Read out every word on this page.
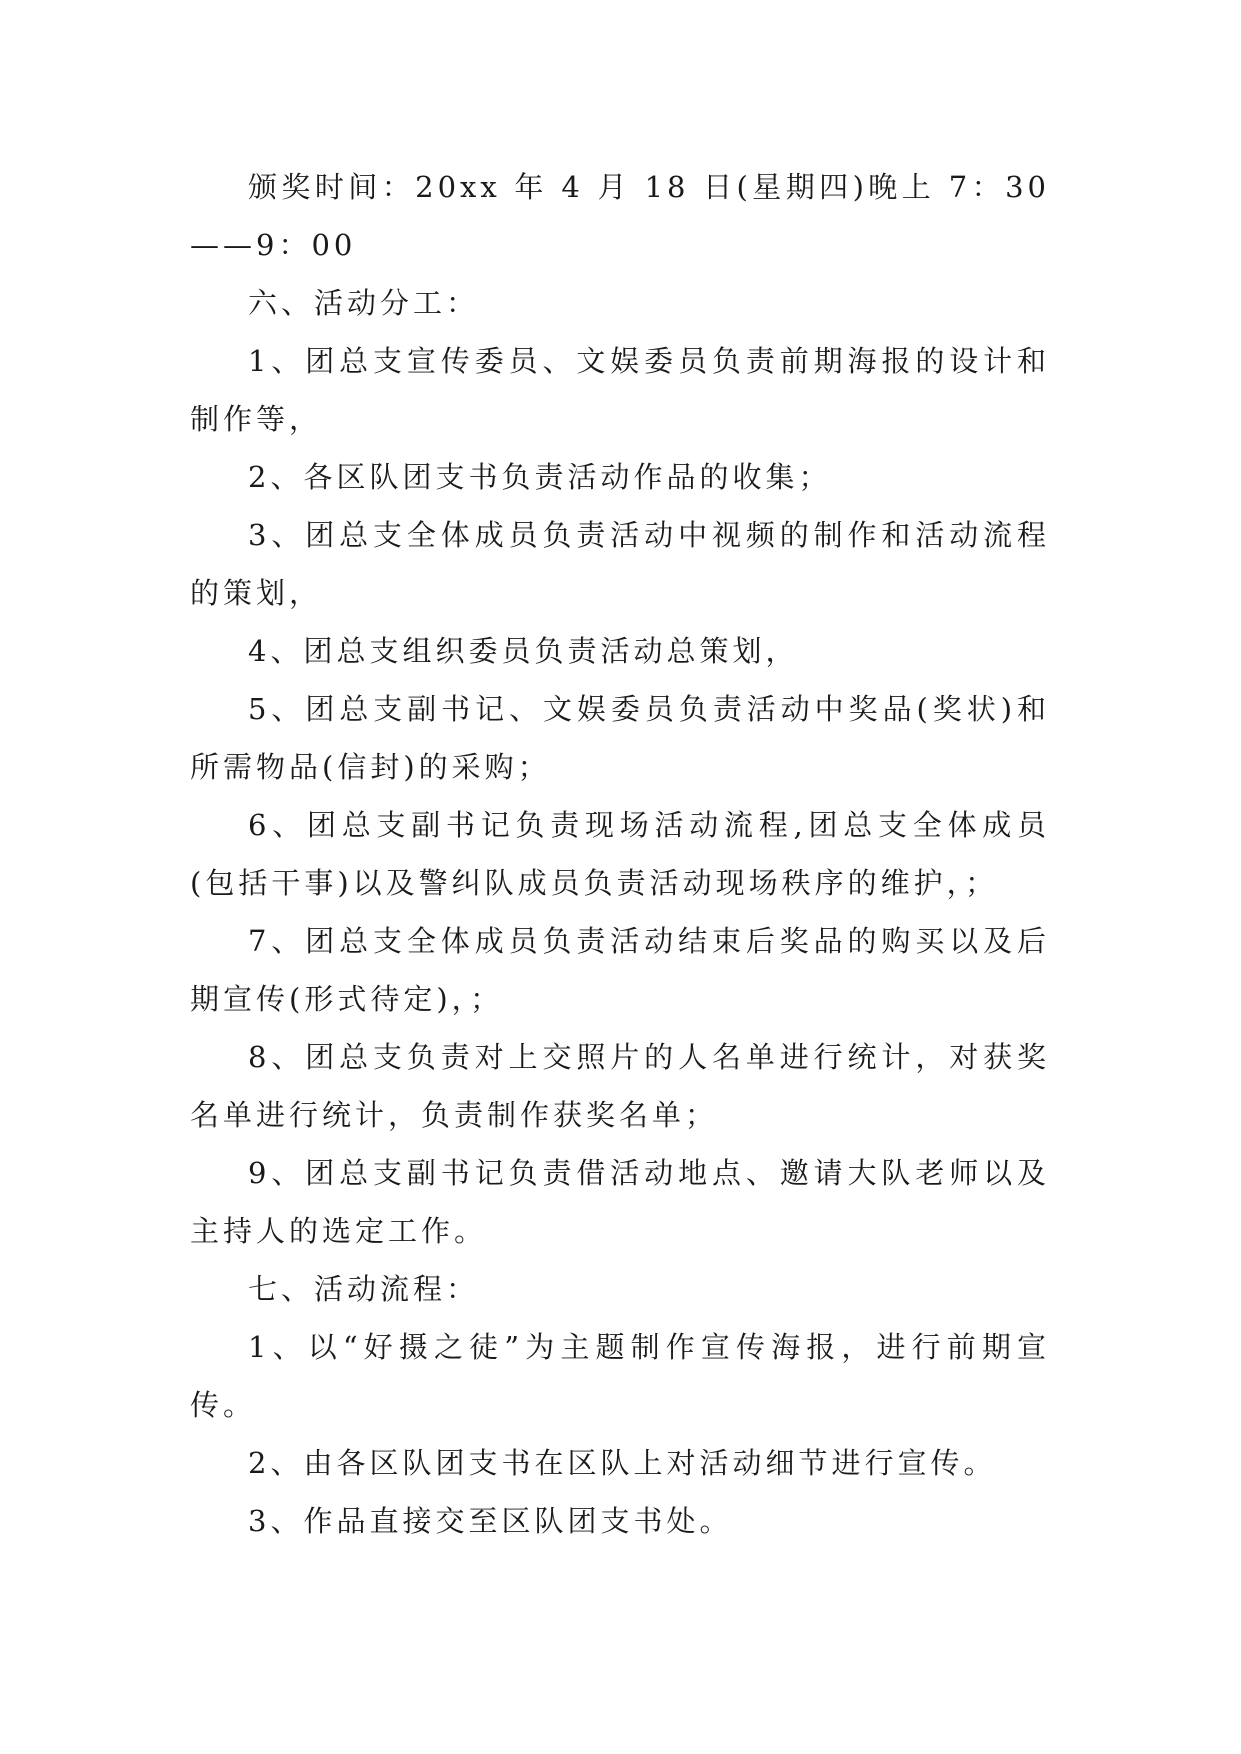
颁奖时间：20xx 年 4 月 18 日(星期四)晚上 7：30——9：00

六、活动分工：

1、团总支宣传委员、文娱委员负责前期海报的设计和制作等，

2、各区队团支书负责活动作品的收集；

3、团总支全体成员负责活动中视频的制作和活动流程的策划，

4、团总支组织委员负责活动总策划，

5、团总支副书记、文娱委员负责活动中奖品(奖状)和所需物品(信封)的采购；

6、团总支副书记负责现场活动流程,团总支全体成员(包括干事)以及警纠队成员负责活动现场秩序的维护，；

7、团总支全体成员负责活动结束后奖品的购买以及后期宣传(形式待定)，；

8、团总支负责对上交照片的人名单进行统计，对获奖名单进行统计，负责制作获奖名单；

9、团总支副书记负责借活动地点、邀请大队老师以及主持人的选定工作。

七、活动流程：

1、以“好摄之徒”为主题制作宣传海报，进行前期宣传。

2、由各区队团支书在区队上对活动细节进行宣传。

3、作品直接交至区队团支书处。
